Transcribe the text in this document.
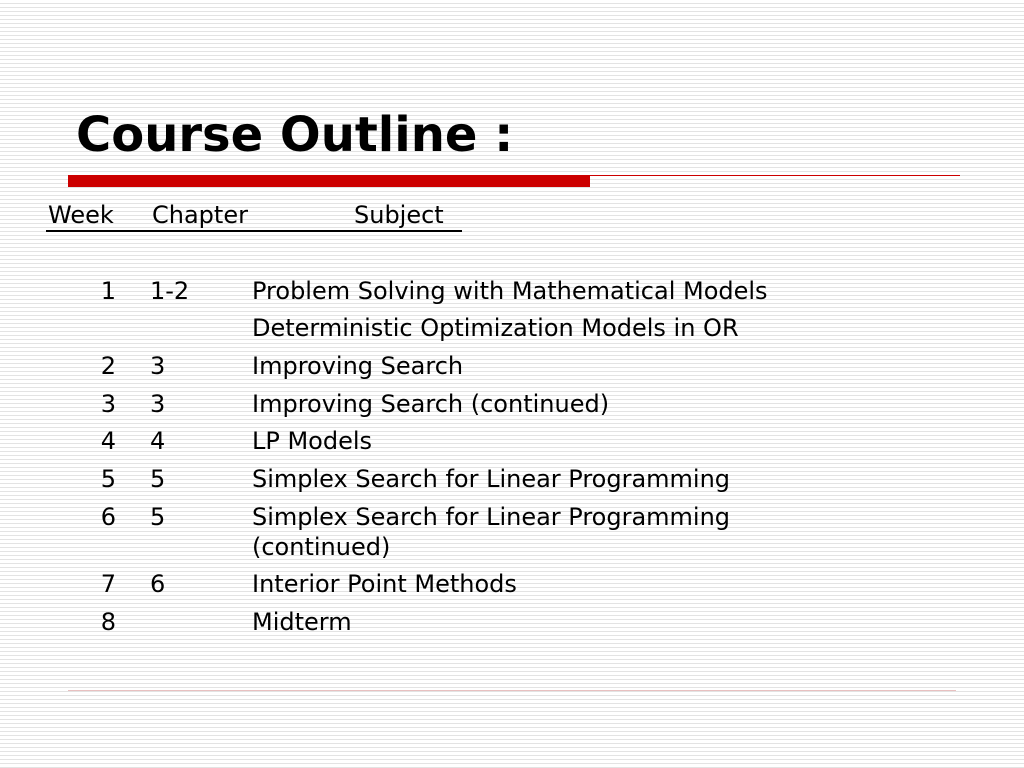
Course Outline :
Week Chapter	Subject
1 1-2	Problem Solving with Mathematical Models
Deterministic Optimization Models in OR
2 3	Improving Search
3 3	Improving Search (continued)
4 4	LP Models
5 5	Simplex Search for Linear Programming
6 5	Simplex Search for Linear Programming
(continued)
7 6	Interior Point Methods
8	Midterm
